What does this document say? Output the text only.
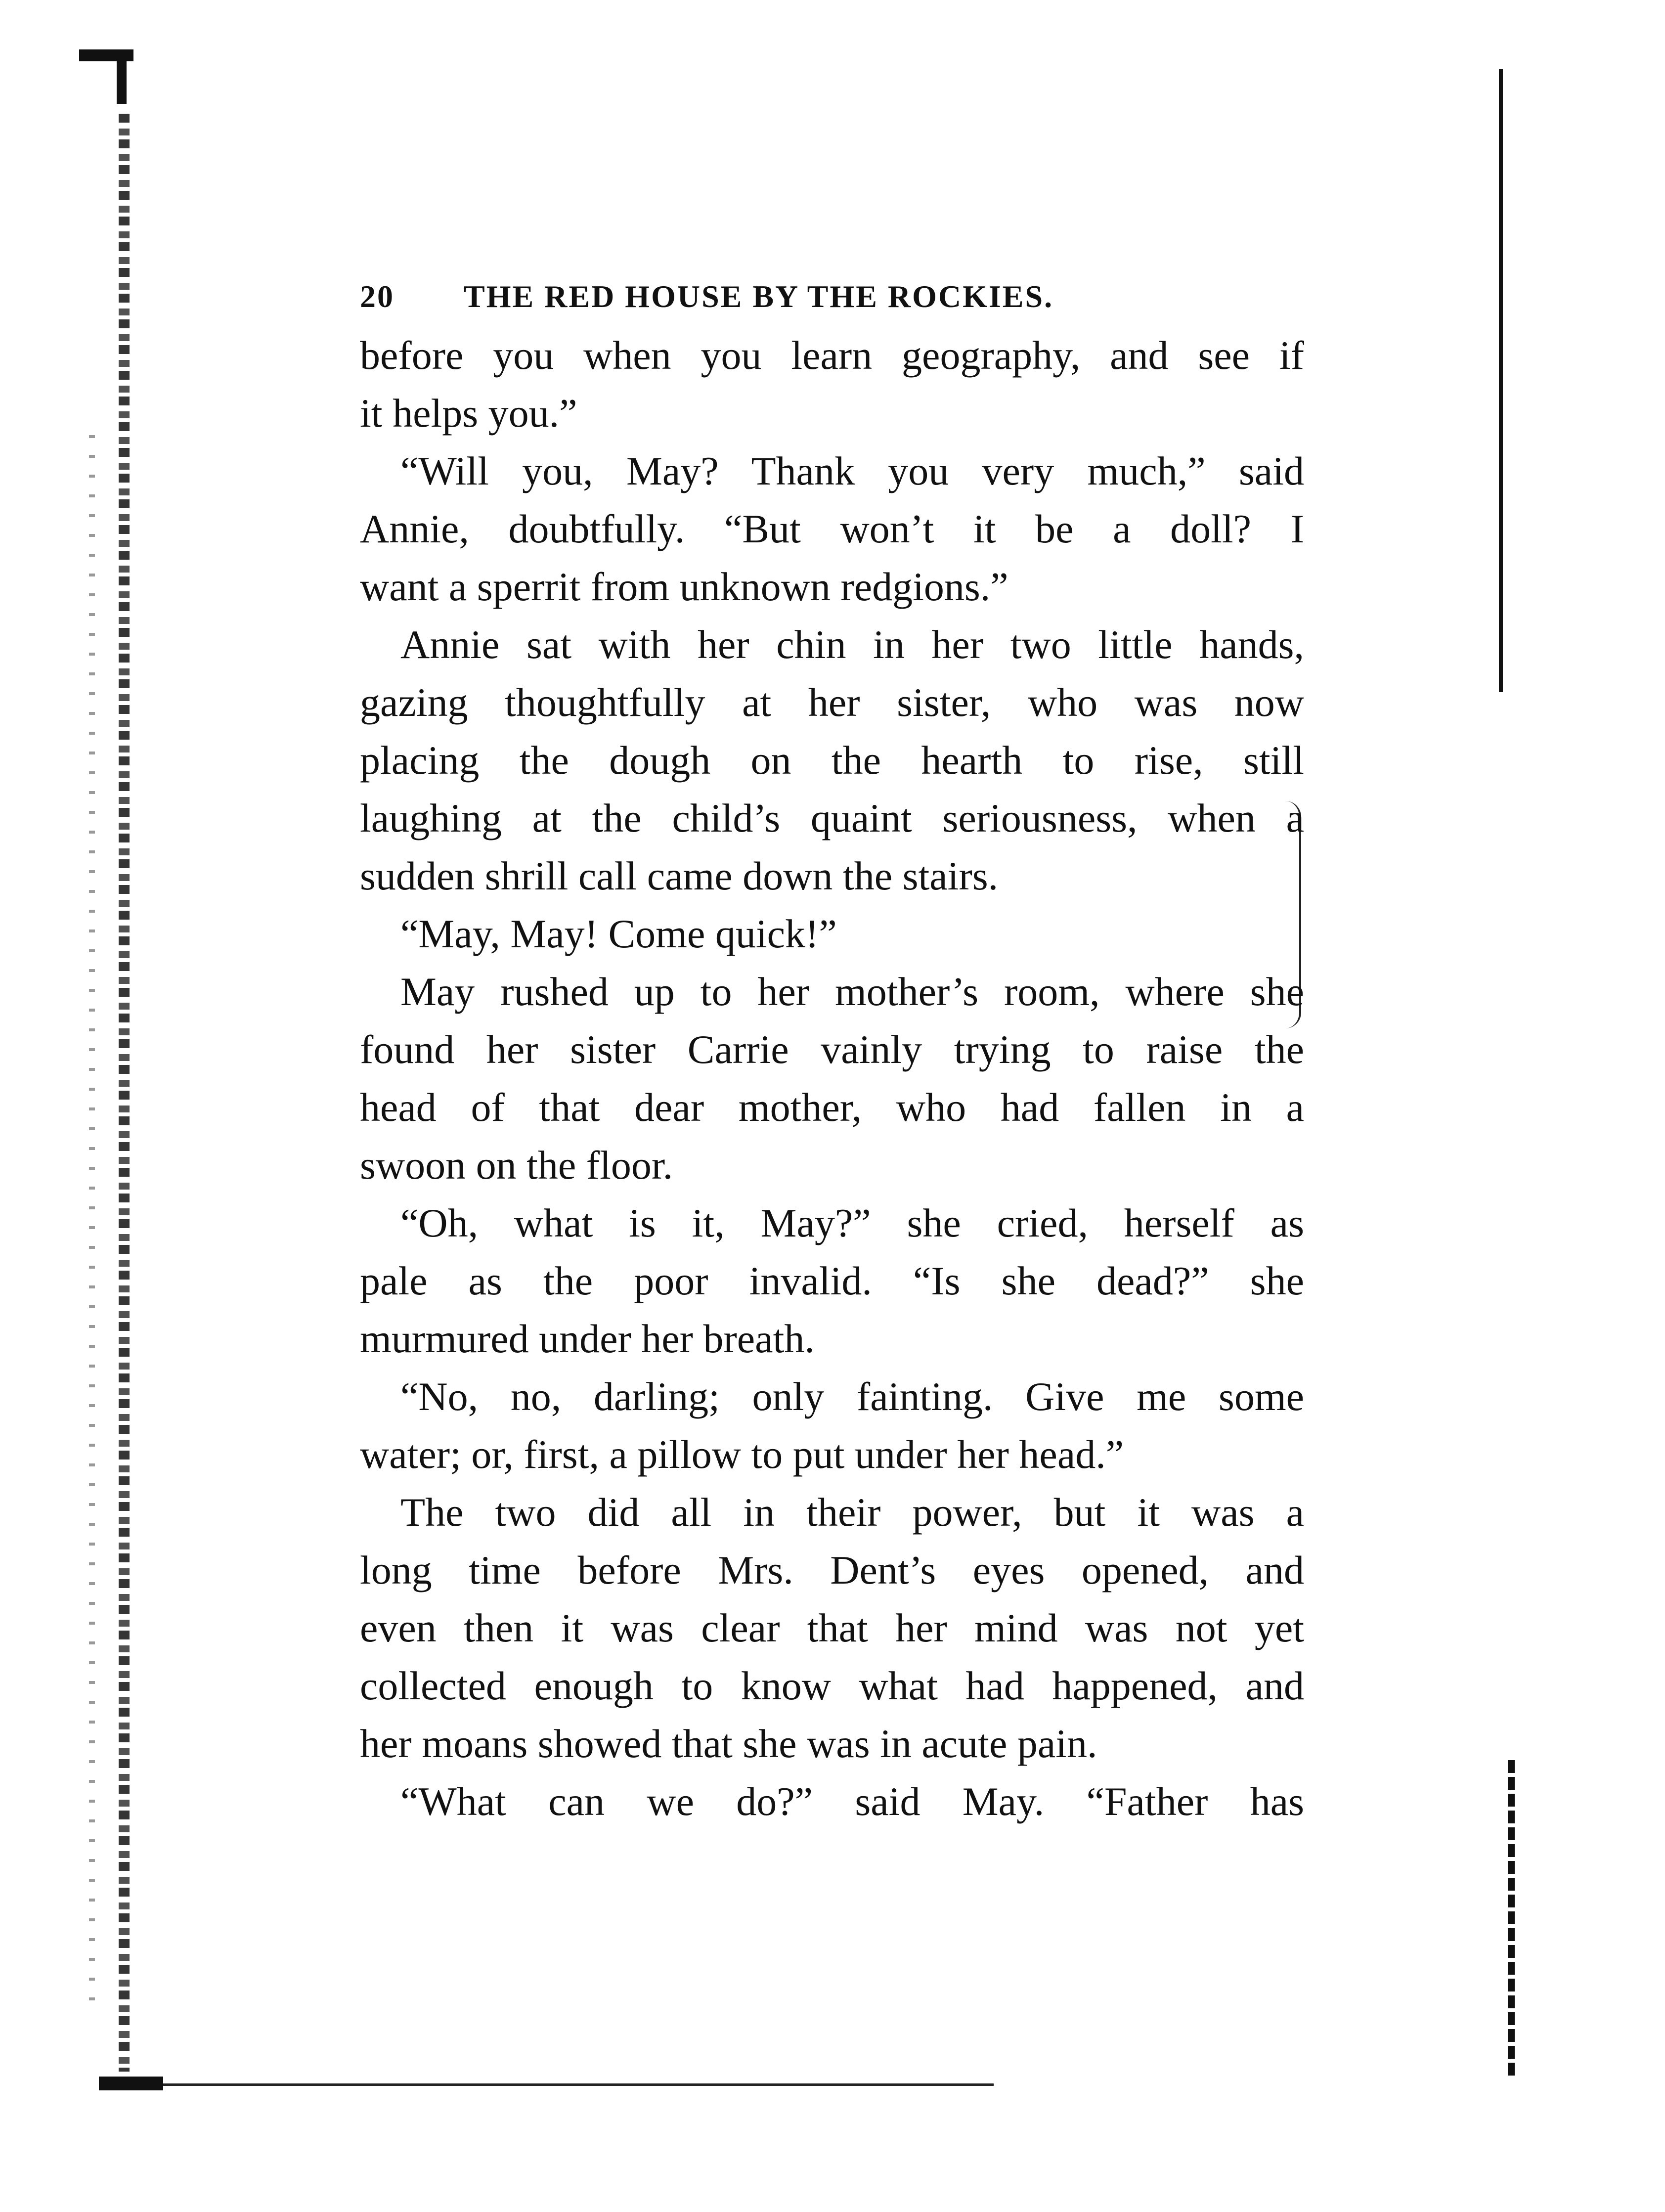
20 THE RED HOUSE BY THE ROCKIES.
before you when you learn geography, and see if
it helps you.”
“Will you, May? Thank you very much,” said
Annie, doubtfully. “But won’t it be a doll? I
want a sperrit from unknown redgions.”
Annie sat with her chin in her two little hands,
gazing thoughtfully at her sister, who was now
placing the dough on the hearth to rise, still
laughing at the child’s quaint seriousness, when a
sudden shrill call came down the stairs.
“May, May! Come quick!”
May rushed up to her mother’s room, where she
found her sister Carrie vainly trying to raise the
head of that dear mother, who had fallen in a
swoon on the floor.
“Oh, what is it, May?” she cried, herself as
pale as the poor invalid. “Is she dead?” she
murmured under her breath.
“No, no, darling; only fainting. Give me some
water; or, first, a pillow to put under her head.”
The two did all in their power, but it was a
long time before Mrs. Dent’s eyes opened, and
even then it was clear that her mind was not yet
collected enough to know what had happened, and
her moans showed that she was in acute pain.
“What can we do?” said May. “Father has
